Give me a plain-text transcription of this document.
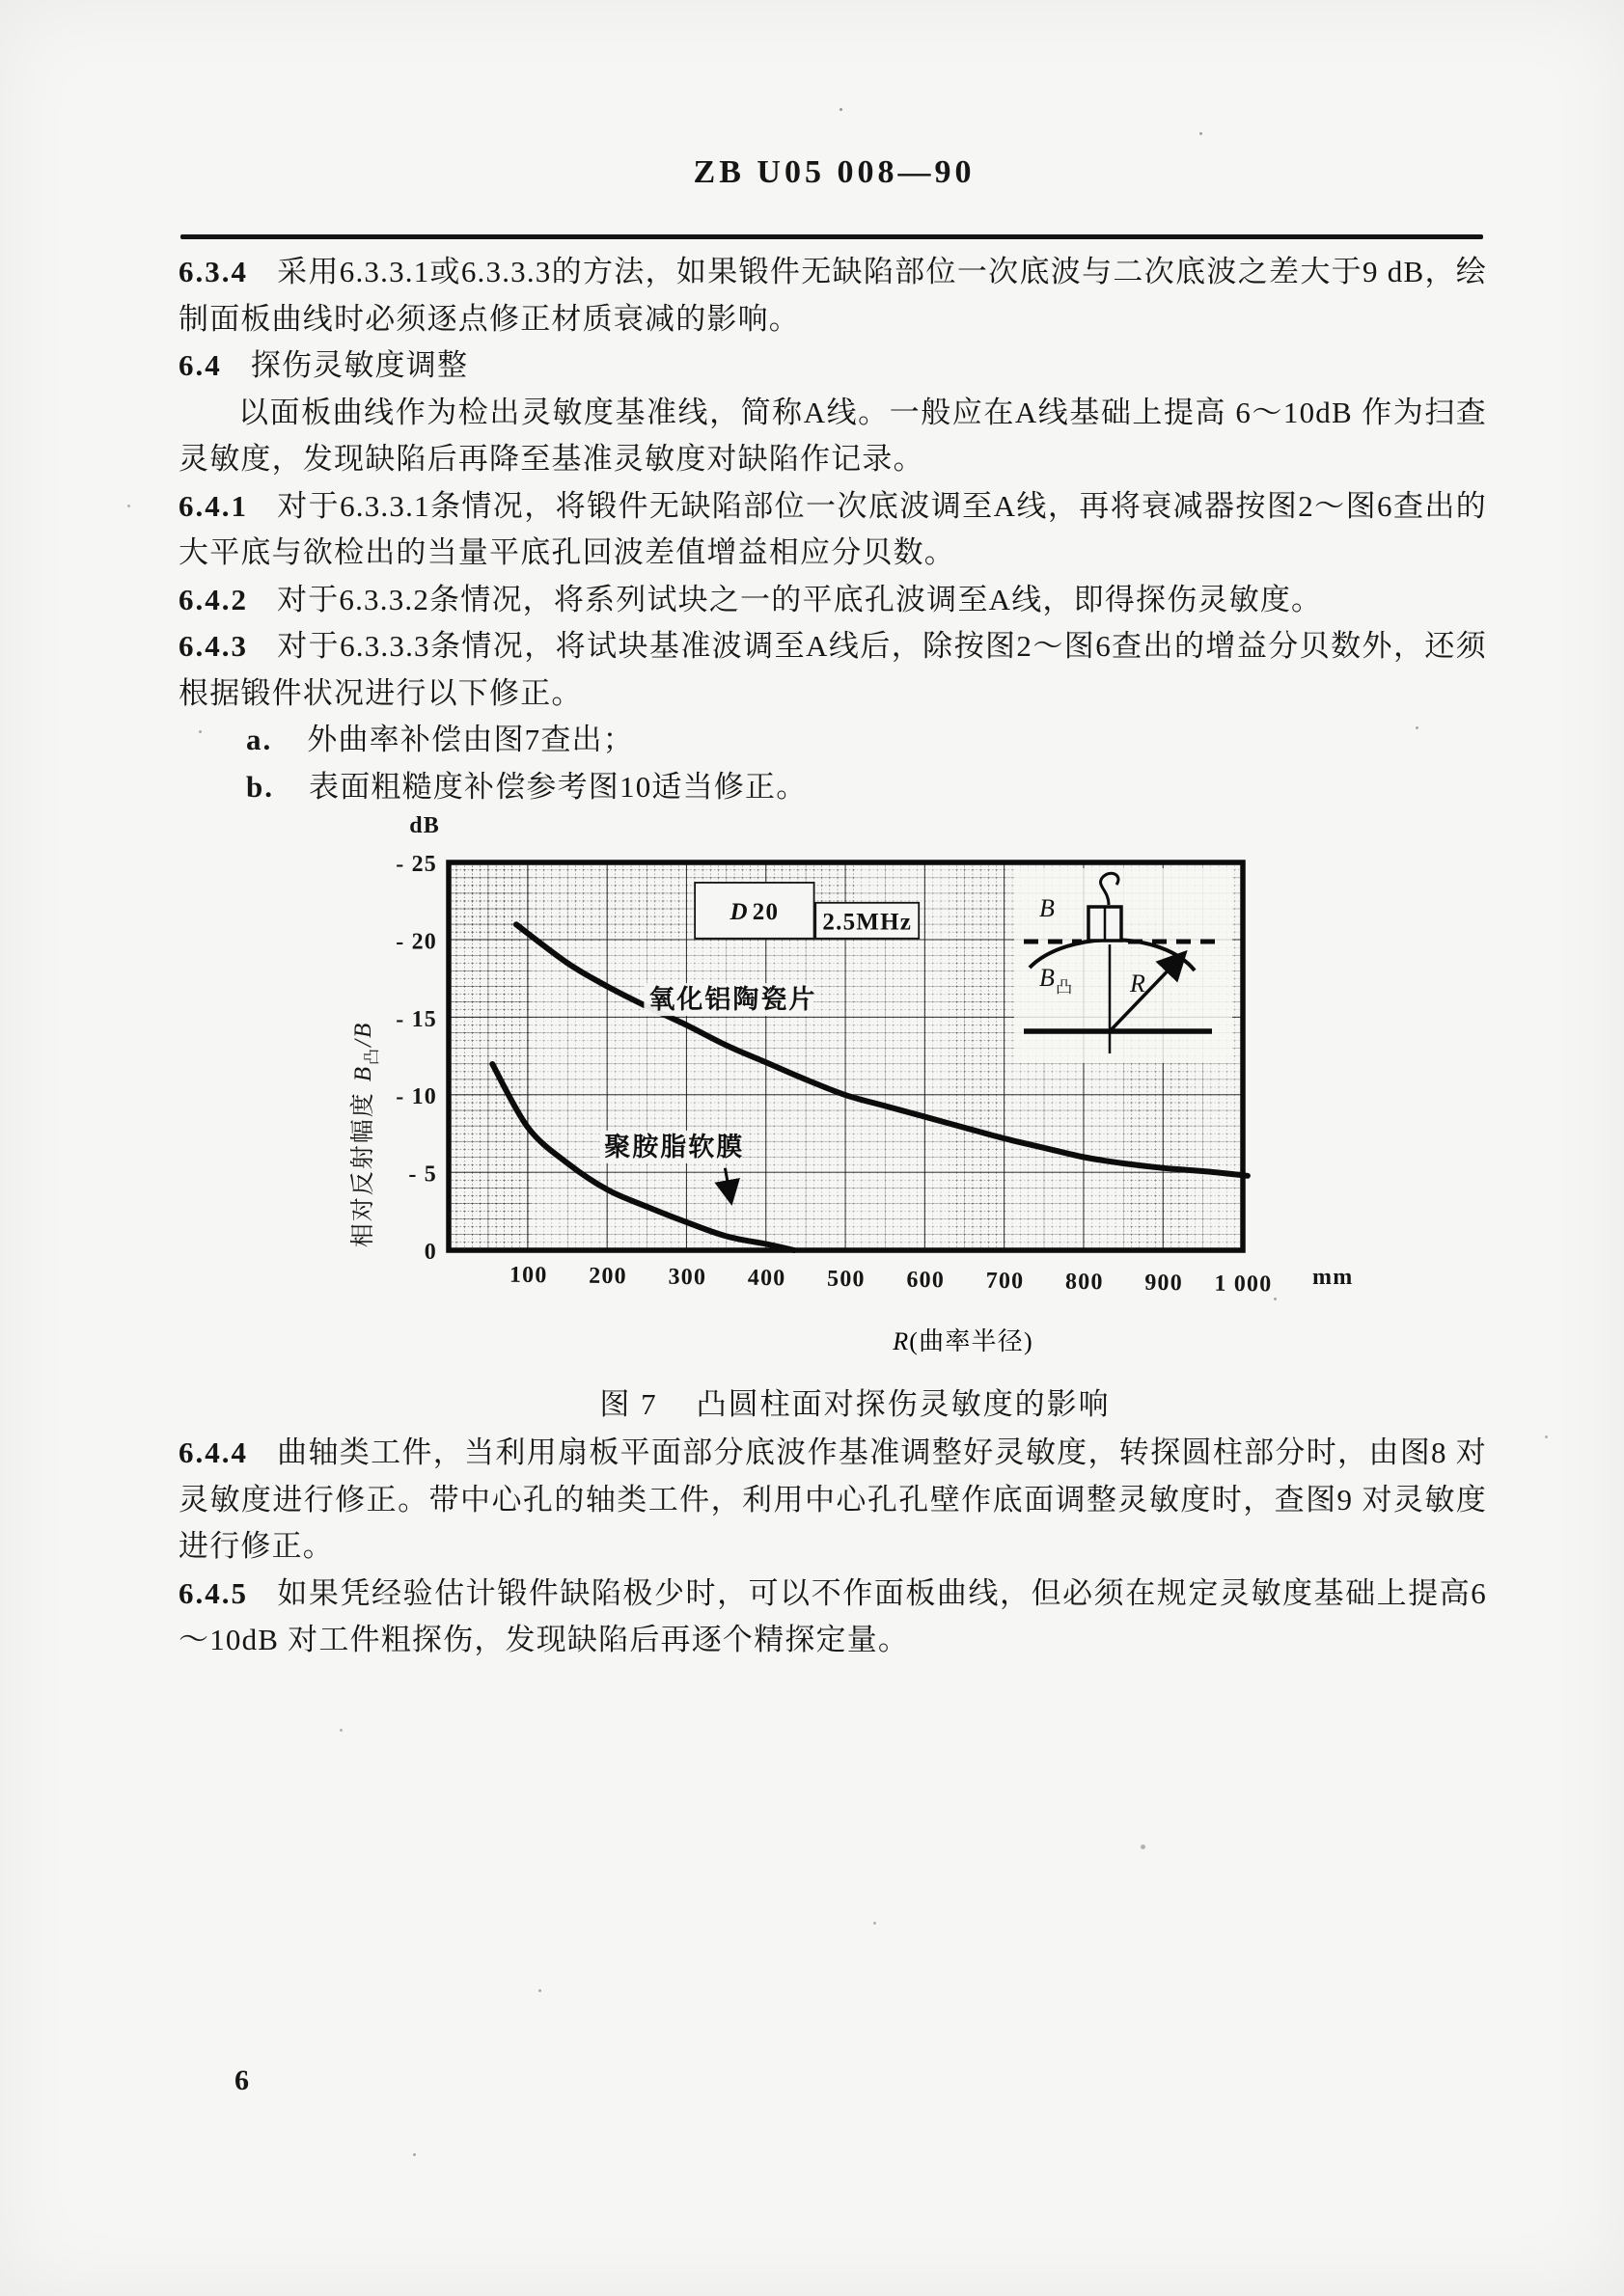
ZB U05 008—90

6.3.4 采用6.3.3.1或6.3.3.3的方法，如果锻件无缺陷部位一次底波与二次底波之差大于9 dB，绘制面板曲线时必须逐点修正材质衰减的影响。

6.4 探伤灵敏度调整

以面板曲线作为检出灵敏度基准线，简称A线。一般应在A线基础上提高 6～10dB 作为扫查灵敏度，发现缺陷后再降至基准灵敏度对缺陷作记录。

6.4.1 对于6.3.3.1条情况，将锻件无缺陷部位一次底波调至A线，再将衰减器按图2～图6查出的大平底与欲检出的当量平底孔回波差值增益相应分贝数。

6.4.2 对于6.3.3.2条情况，将系列试块之一的平底孔波调至A线，即得探伤灵敏度。

6.4.3 对于6.3.3.3条情况，将试块基准波调至A线后，除按图2～图6查出的增益分贝数外，还须根据锻件状况进行以下修正。

a. 外曲率补偿由图7查出；

b. 表面粗糙度补偿参考图10适当修正。

dB
相对反射幅度$B_凸/B$
B
$B_凸$ R
D 20 2.5MHz
氧化铝陶瓷片
聚胺脂软膜
0
- 5
- 10
- 15
- 20
- 25
100 200 300 400 500 600 700 800 900 1 000 mm
R(曲率半径)
图 7 凸圆柱面对探伤灵敏度的影响

6.4.4 曲轴类工件，当利用扇板平面部分底波作基准调整好灵敏度，转探圆柱部分时，由图8 对灵敏度进行修正。带中心孔的轴类工件，利用中心孔孔壁作底面调整灵敏度时，查图9 对灵敏度进行修正。

6.4.5 如果凭经验估计锻件缺陷极少时，可以不作面板曲线，但必须在规定灵敏度基础上提高6～10dB 对工件粗探伤，发现缺陷后再逐个精探定量。

6
